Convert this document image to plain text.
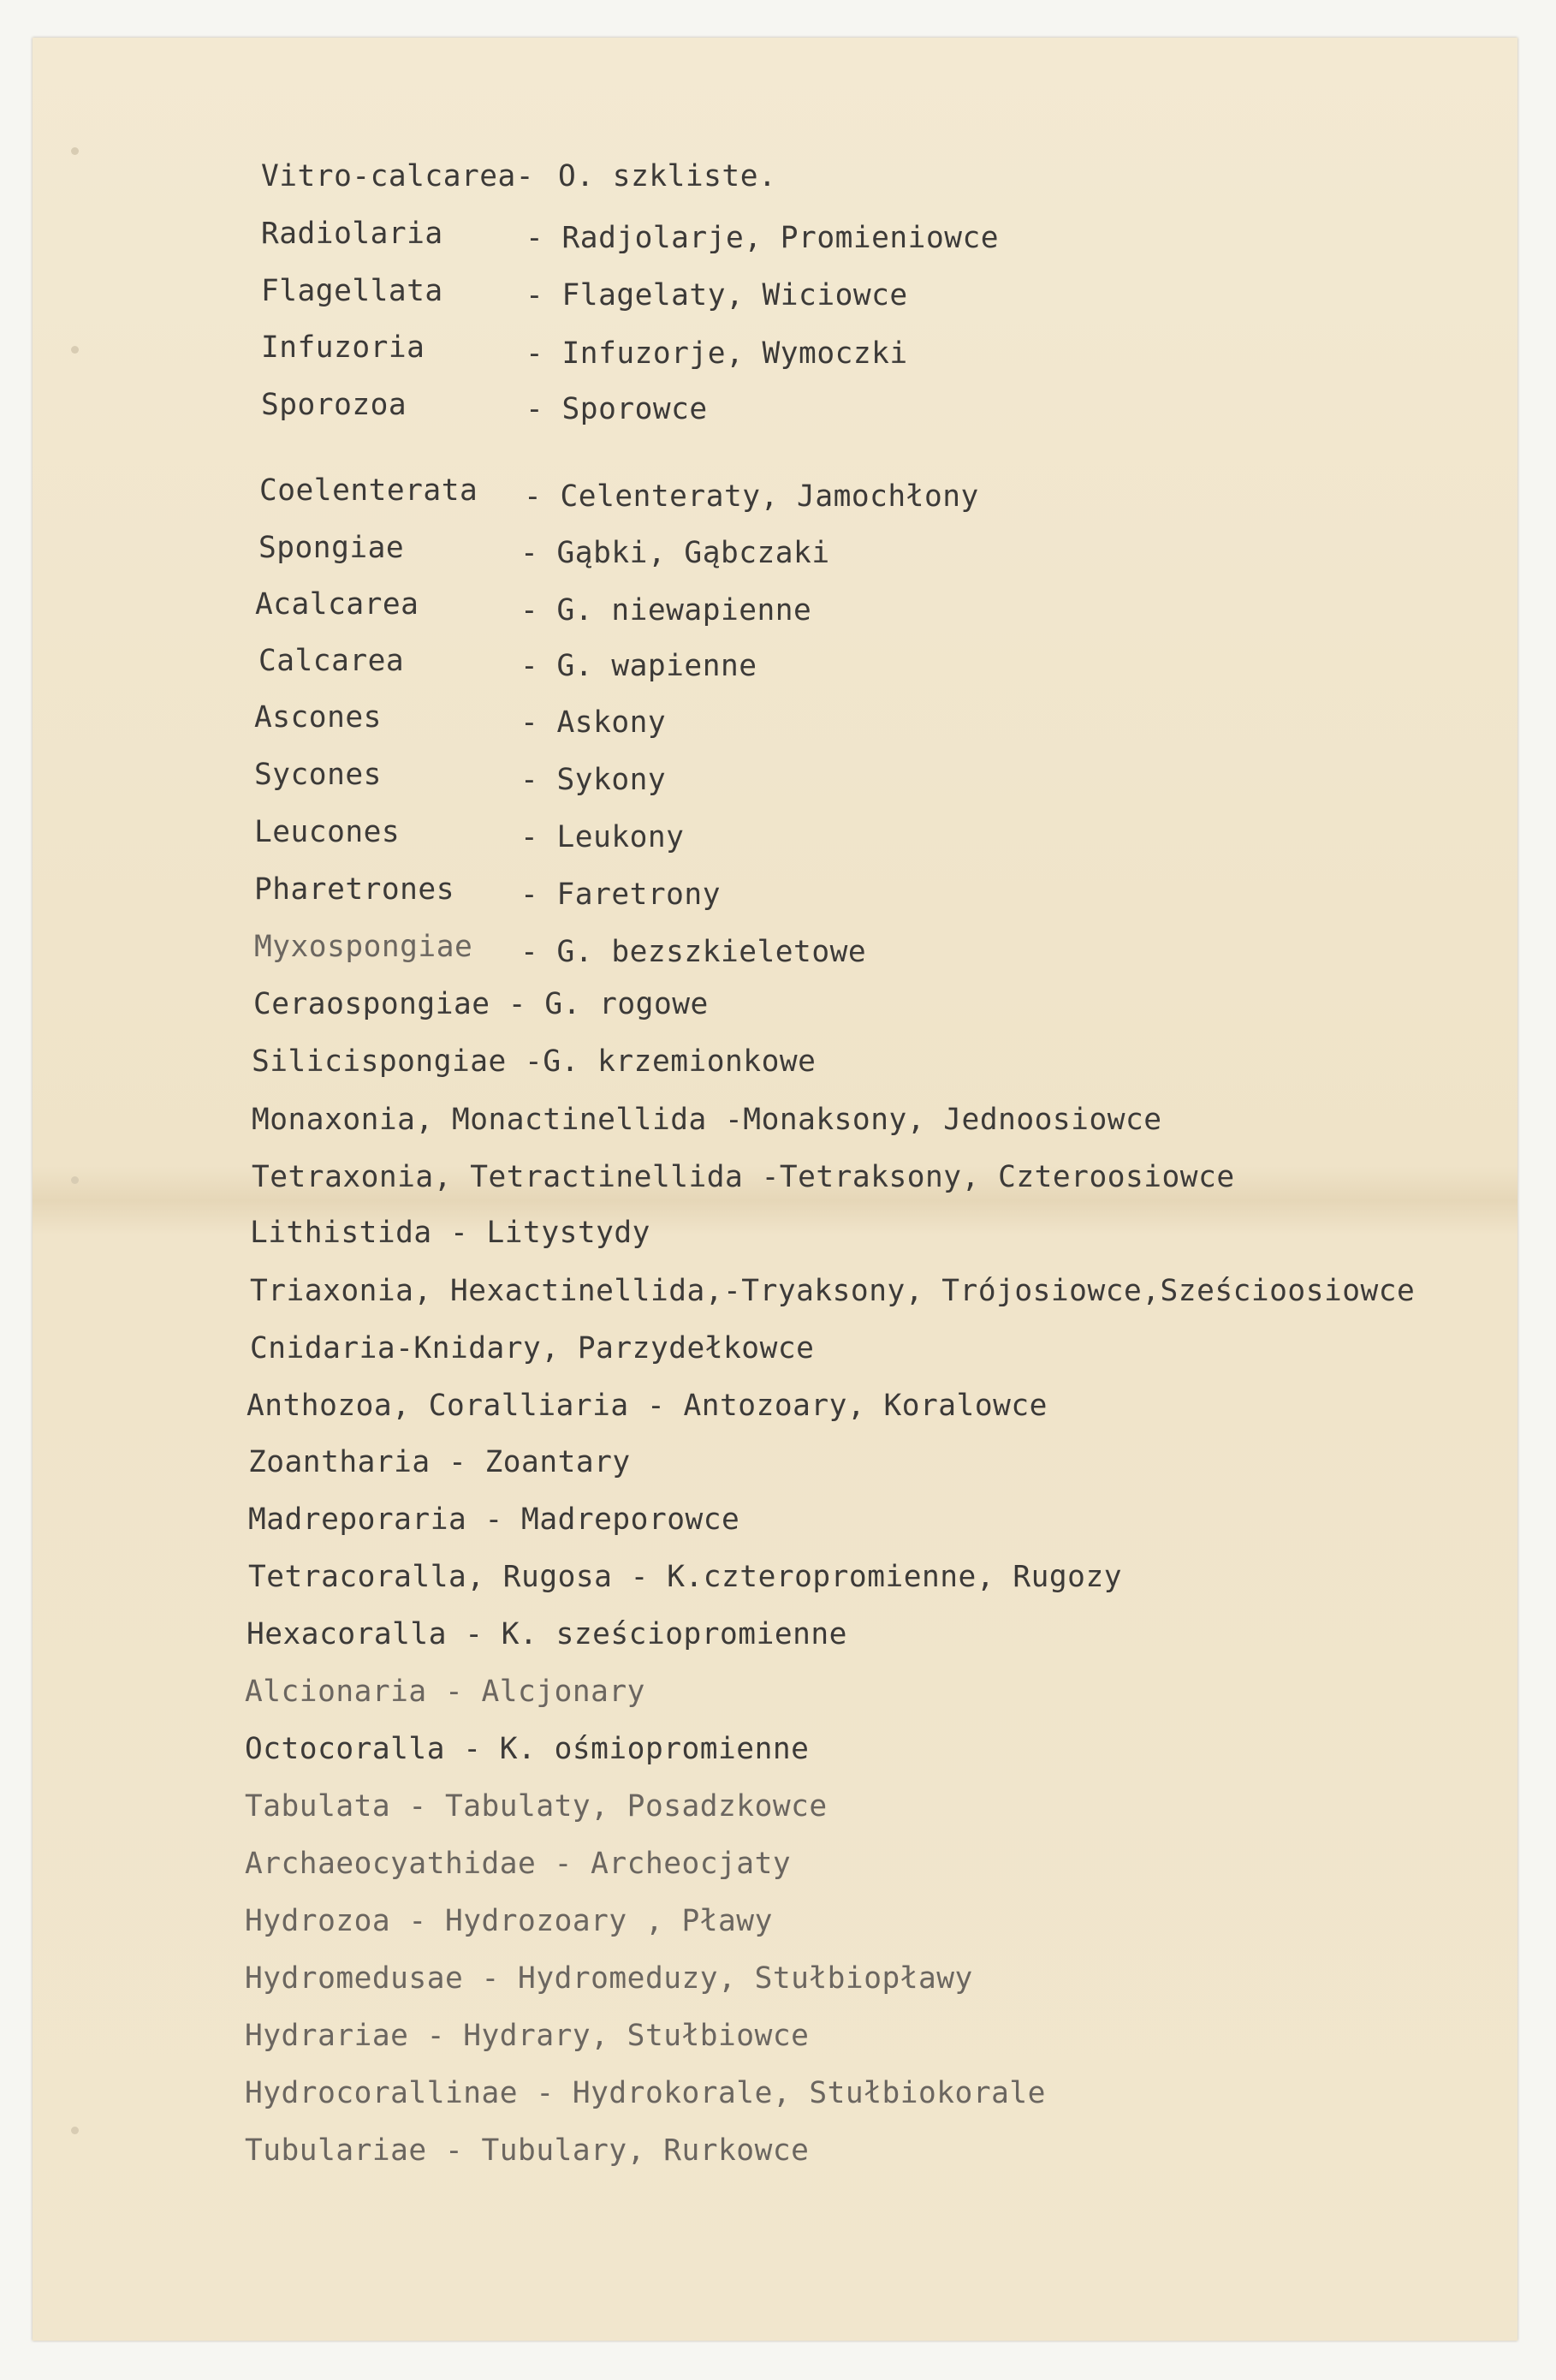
Vitro-calcarea- O. szkliste.
Radiolaria	- Radjolarje, Promieniowce
Flagellata	- Flagelaty, Wiciowce
Infuzoria	- Infuzorje, Wymoczki
Sporozoa	- Sporowce
Coelenterata - Celenteraty, Jamochłony
Spongiae	- Gąbki, Gąbczaki
Acalcarea	- G. niewapienne
Calcarea	- G. wapienne
Ascones	- Askony
Sycones	- Sykony
Leucones	- Leukony
Pharetrones - Faretrony
Myxospongiae - G. bezszkieletowe
Ceraospongiae - G. rogowe
Silicispongiae -G. krzemionkowe
Monaxonia, Monactinellida -Monaksony, Jednoosiowce
Tetraxonia, Tetractinellida -Tetraksony, Czteroosiowce
Lithistida - Litystydy
Triaxonia, Hexactinellida,-Tryaksony, Trójosiowce,Sześcioosiowce
Cnidaria-Knidary, Parzydełkowce
Anthozoa, Coralliaria - Antozoary, Koralowce
Zoantharia - Zoantary
Madreporaria - Madreporowce
Tetracoralla, Rugosa - K.czteropromienne, Rugozy
Hexacoralla - K. sześciopromienne
Alcionaria - Alcjonary
Octocoralla - K. ośmiopromienne
Tabulata - Tabulaty, Posadzkowce
Archaeocyathidae - Archeocjaty
Hydrozoa - Hydrozoary , Pławy
Hydromedusae - Hydromeduzy, Stułbiopławy
Hydrariae - Hydrary, Stułbiowce
Hydrocorallinae - Hydrokorale, Stułbiokorale
Tubulariae - Tubulary, Rurkowce
